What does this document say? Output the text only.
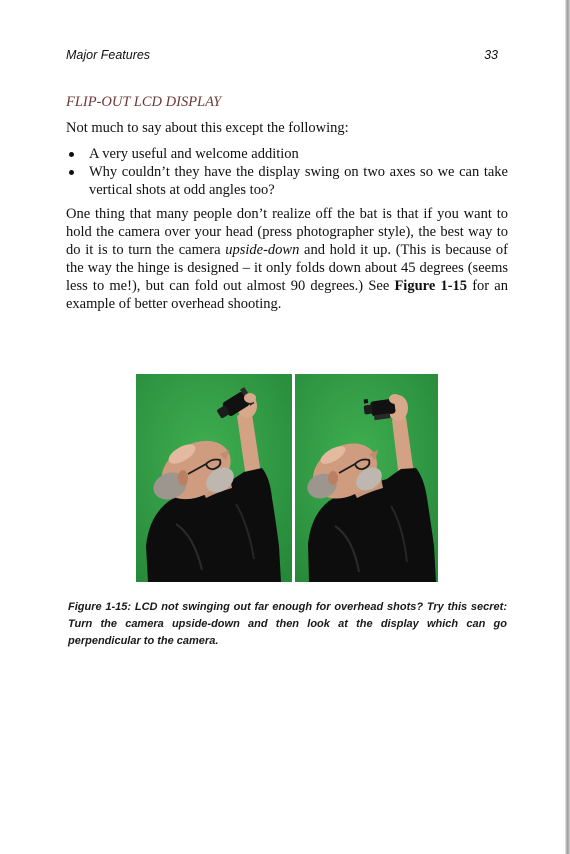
Major Features	33
FLIP-OUT LCD DISPLAY

Not much to say about this except the following:

A very useful and welcome addition
Why couldn’t they have the display swing on two axes so we can take vertical shots at odd angles too?

One thing that many people don’t realize off the bat is that if you want to hold the camera over your head (press photographer style), the best way to do it is to turn the camera upside-down and hold it up. (This is because of the way the hinge is designed – it only folds down about 45 degrees (seems less to me!), but can fold out almost 90 degrees.) See Figure 1-15 for an example of better overhead shooting.

Figure 1-15: LCD not swinging out far enough for overhead shots? Try this secret: Turn the camera upside-down and then look at the display which can go perpendicular to the camera.
